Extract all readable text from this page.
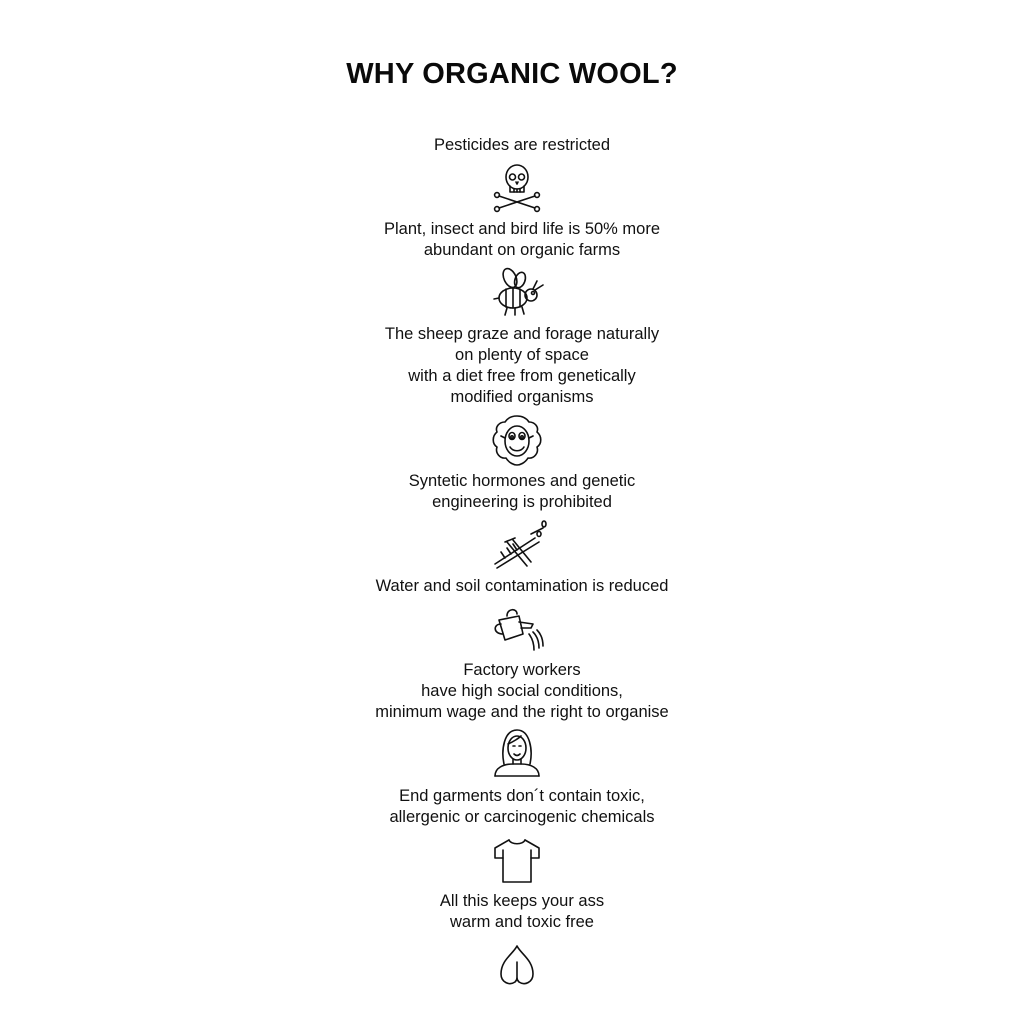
WHY ORGANIC WOOL?
Pesticides are restricted
Plant, insect and bird life is 50% more
abundant on organic farms
The sheep graze and forage naturally
on plenty of space
with a diet free from genetically
modified organisms
Syntetic hormones and genetic
engineering is prohibited
Water and soil contamination is reduced
Factory workers
have high social conditions,
minimum wage and the right to organise
End garments don´t contain toxic,
allergenic or carcinogenic chemicals
All this keeps your ass
warm and toxic free
